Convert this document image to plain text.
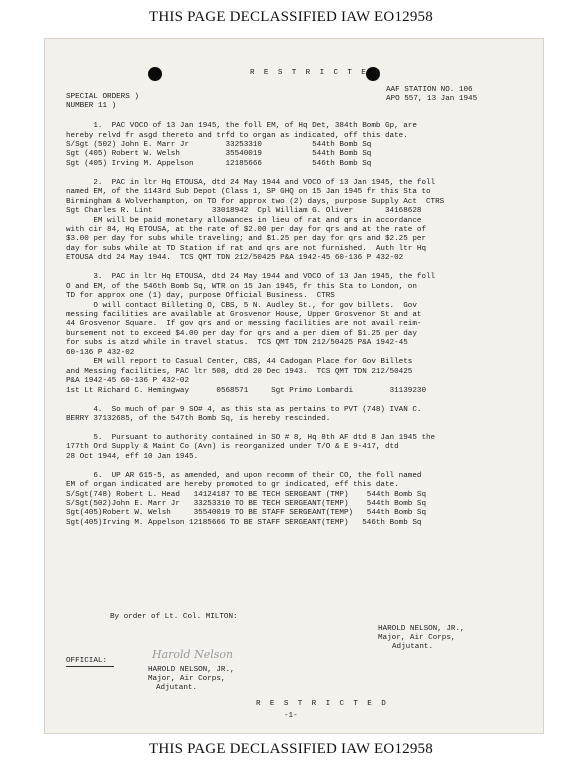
THIS PAGE DECLASSIFIED IAW EO12958
R E S T R I C T E D
SPECIAL ORDERS )
NUMBER 11 )
AAF STATION NO. 106
APO 557, 13 Jan 1945
1.  PAC VOCO of 13 Jan 1945, the foll EM, of Hq Det, 384th Bomb Gp, are
hereby relvd fr asgd thereto and trfd to organ as indicated, off this date.
S/Sgt (502) John E. Marr Jr        33253310           544th Bomb Sq
Sgt (405) Robert W. Welsh          35540019           544th Bomb Sq
Sgt (405) Irving M. Appelson       12185666           546th Bomb Sq
2.  PAC in ltr Hq ETOUSA, dtd 24 May 1944 and VOCO of 13 Jan 1945, the foll
named EM, of the 1143rd Sub Depot (Class 1, SP GHQ on 15 Jan 1945 fr this Sta to
Birmingham & Wolverhampton, on TD for approx two (2) days, purpose Supply Act  CTRS
Sgt Charles R. Lint             33018942  Cpl William G. Oliver       34168628
EM will be paid monetary allowances in lieu of rat and qrs in accordance
with cir 84, Hq ETOUSA, at the rate of $2.00 per day for qrs and at the rate of
$3.00 per day for subs while traveling; and $1.25 per day for qrs and $2.25 per
day for subs while at TD Station if rat and qrs are not furnished.  Auth ltr Hq
ETOUSA dtd 24 May 1944.  TCS QMT TDN 212/50425 P&A 1942-45 60-136 P 432-02
3.  PAC in ltr Hq ETOUSA, dtd 24 May 1944 and VOCO of 13 Jan 1945, the foll
O and EM, of the 546th Bomb Sq, WTR on 15 Jan 1945, fr this Sta to London, on
TD for approx one (1) day, purpose Official Business.  CTRS
O will contact Billeting O, CBS, 5 N. Audley St., for gov billets.  Gov
messing facilities are available at Grosvenor House, Upper Grosvenor St and at
44 Grosvenor Square.  If gov qrs and or messing facilities are not avail reim-
bursement not to exceed $4.00 per day for qrs and a per diem of $1.25 per day
for subs is atzd while in travel status.  TCS QMT TDN 212/50425 P&A 1942-45
60-136 P 432-02
EM will report to Casual Center, CBS, 44 Cadogan Place for Gov Billets
and Messing facilities, PAC ltr 508, dtd 20 Dec 1943.  TCS QMT TDN 212/50425
P&A 1942-45 60-136 P 432-02
1st Lt Richard C. Hemingway      0568571     Sgt Primo Lombardi        31139230
4.  So much of par 9 SO# 4, as this sta as pertains to PVT (748) IVAN C.
BERRY 37132685, of the 547th Bomb Sq, is hereby rescinded.
5.  Pursuant to authority contained in SO # 8, Hq 8th AF dtd 8 Jan 1945 the
177th Ord Supply & Maint Co (Avn) is reorganized under T/O & E 9-417, dtd
28 Oct 1944, eff 10 Jan 1945.
6.  UP AR 615-5, as amended, and upon recomm of their CO, the foll named
EM of organ indicated are hereby promoted to gr indicated, eff this date.
S/Sgt(748) Robert L. Head   14124187 TO BE TECH SERGEANT (TMP)    544th Bomb Sq
S/Sgt(502)John E. Marr Jr   33253310 TO BE TECH SERGEANT(TEMP)    544th Bomb Sq
Sgt(405)Robert W. Welsh     35540019 TO BE STAFF SERGEANT(TEMP)   544th Bomb Sq
Sgt(405)Irving M. Appelson 12185666 TO BE STAFF SERGEANT(TEMP)   546th Bomb Sq
By order of Lt. Col. MILTON:
HAROLD NELSON, JR.,
Major, Air Corps,
Adjutant.
OFFICIAL:	Harold Nelson
HAROLD NELSON, JR.,
Major, Air Corps,
Adjutant.
R E S T R I C T E D
-1-
THIS PAGE DECLASSIFIED IAW EO12958
